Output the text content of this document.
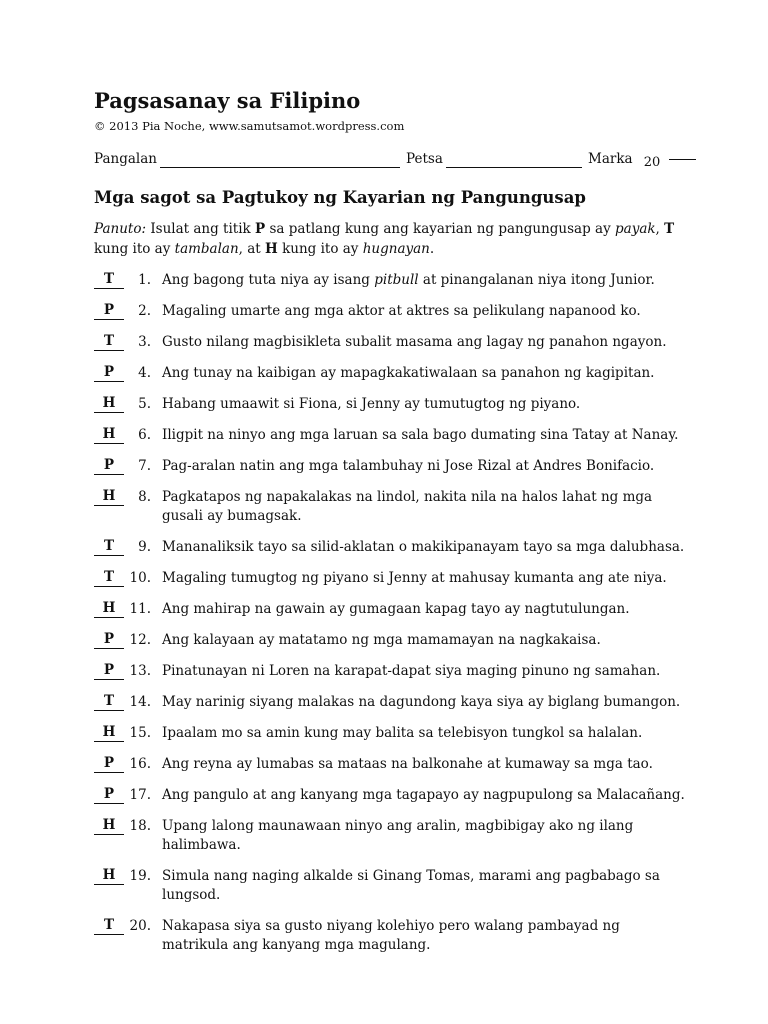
Pagsasanay sa Filipino
© 2013 Pia Noche, www.samutsamot.wordpress.com
Pangalan	Petsa	Marka 20
Mga sagot sa Pagtukoy ng Kayarian ng Pangungusap
Panuto: Isulat ang titik P sa patlang kung ang kayarian ng pangungusap ay payak, T kung ito ay tambalan, at H kung ito ay hugnayan.
T	1. Ang bagong tuta niya ay isang pitbull at pinangalanan niya itong Junior.
P	2. Magaling umarte ang mga aktor at aktres sa pelikulang napanood ko.
T	3. Gusto nilang magbisikleta subalit masama ang lagay ng panahon ngayon.
P	4. Ang tunay na kaibigan ay mapagkakatiwalaan sa panahon ng kagipitan.
H	5. Habang umaawit si Fiona, si Jenny ay tumutugtog ng piyano.
H	6. Iligpit na ninyo ang mga laruan sa sala bago dumating sina Tatay at Nanay.
P	7. Pag-aralan natin ang mga talambuhay ni Jose Rizal at Andres Bonifacio.
H	8. Pagkatapos ng napakalakas na lindol, nakita nila na halos lahat ng mga gusali ay bumagsak.
T	9. Mananaliksik tayo sa silid-aklatan o makikipanayam tayo sa mga dalubhasa.
T	10. Magaling tumugtog ng piyano si Jenny at mahusay kumanta ang ate niya.
H	11. Ang mahirap na gawain ay gumagaan kapag tayo ay nagtutulungan.
P	12. Ang kalayaan ay matatamo ng mga mamamayan na nagkakaisa.
P	13. Pinatunayan ni Loren na karapat-dapat siya maging pinuno ng samahan.
T	14. May narinig siyang malakas na dagundong kaya siya ay biglang bumangon.
H	15. Ipaalam mo sa amin kung may balita sa telebisyon tungkol sa halalan.
P	16. Ang reyna ay lumabas sa mataas na balkonahe at kumaway sa mga tao.
P	17. Ang pangulo at ang kanyang mga tagapayo ay nagpupulong sa Malacañang.
H	18. Upang lalong maunawaan ninyo ang aralin, magbibigay ako ng ilang halimbawa.
H	19. Simula nang naging alkalde si Ginang Tomas, marami ang pagbabago sa lungsod.
T	20. Nakapasa siya sa gusto niyang kolehiyo pero walang pambayad ng matrikula ang kanyang mga magulang.
